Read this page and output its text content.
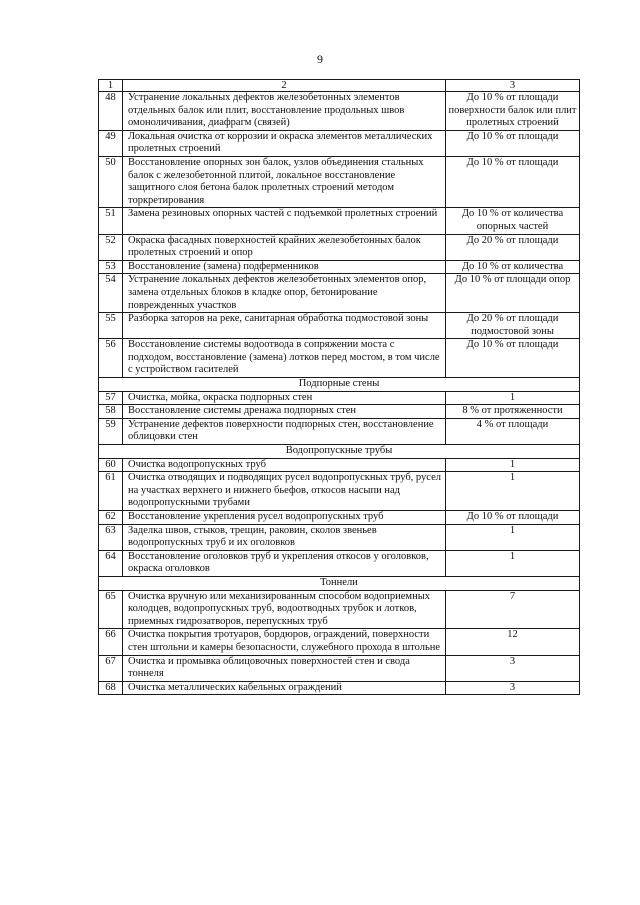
9
1	2	3
48	Устранение локальных дефектов железобетонных элементов отдельных балок или плит, восстановление продольных швов омоноличивания, диафрагм (связей)	До 10 % от площади поверхности балок или плит пролетных строений
49	Локальная очистка от коррозии и окраска элементов металлических пролетных строений	До 10 % от площади
50	Восстановление опорных зон балок, узлов объединения стальных балок с железобетонной плитой, локальное восстановление защитного слоя бетона балок пролетных строений методом торкретирования	До 10 % от площади
51	Замена резиновых опорных частей с подъемкой пролетных строений	До 10 % от количества опорных частей
52	Окраска фасадных поверхностей крайних железобетонных балок пролетных строений и опор	До 20 % от площади
53	Восстановление (замена) подферменников	До 10 % от количества
54	Устранение локальных дефектов железобетонных элементов опор, замена отдельных блоков в кладке опор, бетонирование поврежденных участков	До 10 % от площади опор
55	Разборка заторов на реке, санитарная обработка подмостовой зоны	До 20 % от площади подмостовой зоны
56	Восстановление системы водоотвода в сопряжении моста с подходом, восстановление (замена) лотков перед мостом, в том числе с устройством гасителей	До 10 % от площади
Подпорные стены		
57	Очистка, мойка, окраска подпорных стен	1
58	Восстановление системы дренажа подпорных стен	8 % от протяженности
59	Устранение дефектов поверхности подпорных стен, восстановление облицовки стен	4 % от площади
Водопропускные трубы		
60	Очистка водопропускных труб	1
61	Очистка отводящих и подводящих русел водопропускных труб, русел на участках верхнего и нижнего бьефов, откосов насыпи над водопропускными трубами	1
62	Восстановление укрепления русел водопропускных труб	До 10 % от площади
63	Заделка швов, стыков, трещин, раковин, сколов звеньев водопропускных труб и их оголовков	1
64	Восстановление оголовков труб и укрепления откосов у оголовков, окраска оголовков	1
Тоннели		
65	Очистка вручную или механизированным способом водоприемных колодцев, водопропускных труб, водоотводных трубок и лотков, приемных гидрозатворов, перепускных труб	7
66	Очистка покрытия тротуаров, бордюров, ограждений, поверхности стен штольни и камеры безопасности, служебного прохода в штольне	12
67	Очистка и промывка облицовочных поверхностей стен и свода тоннеля	3
68	Очистка металлических кабельных ограждений	3
